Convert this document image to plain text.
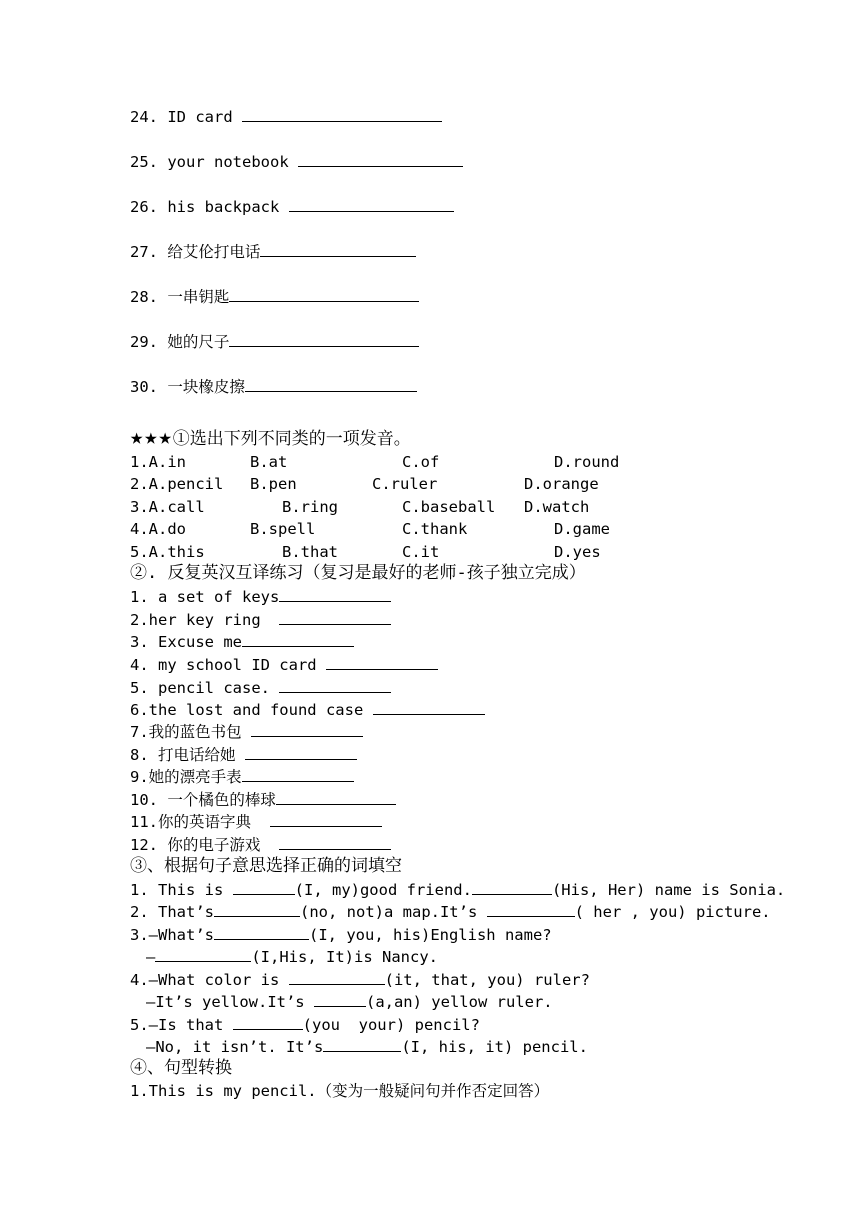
24. ID card
25. your notebook
26. his backpack
27. 给艾伦打电话
28. 一串钥匙
29. 她的尺子
30. 一块橡皮擦
★★★①选出下列不同类的一项发音。
1.A.in	B.at	C.of	D.round
2.A.pencil B.pen	C.ruler	D.orange
3.A.call	B.ring	C.baseball D.watch
4.A.do	B.spell	C.thank	D.game
5.A.this	B.that	C.it	D.yes
②. 反复英汉互译练习（复习是最好的老师-孩子独立完成）
1. a set of keys
2.her key ring
3. Excuse me
4. my school ID card
5. pencil case.
6.the lost and found case
7.我的蓝色书包
8. 打电话给她
9.她的漂亮手表
10. 一个橘色的棒球
11.你的英语字典
12. 你的电子游戏
③、根据句子意思选择正确的词填空
1. This is	(I, my)good friend.	(His, Her) name is Sonia.
2. That’s	(no, not)a map.It’s	( her , you) picture.
3.—What’s	(I, you, his)English name?
—	(I,His, It)is Nancy.
4.—What color is	(it, that, you) ruler?
—It’s yellow.It’s	(a,an) yellow ruler.
5.—Is that	(you  your) pencil?
—No, it isn’t. It’s	(I, his, it) pencil.
④、句型转换
1.This is my pencil.（变为一般疑问句并作否定回答）
